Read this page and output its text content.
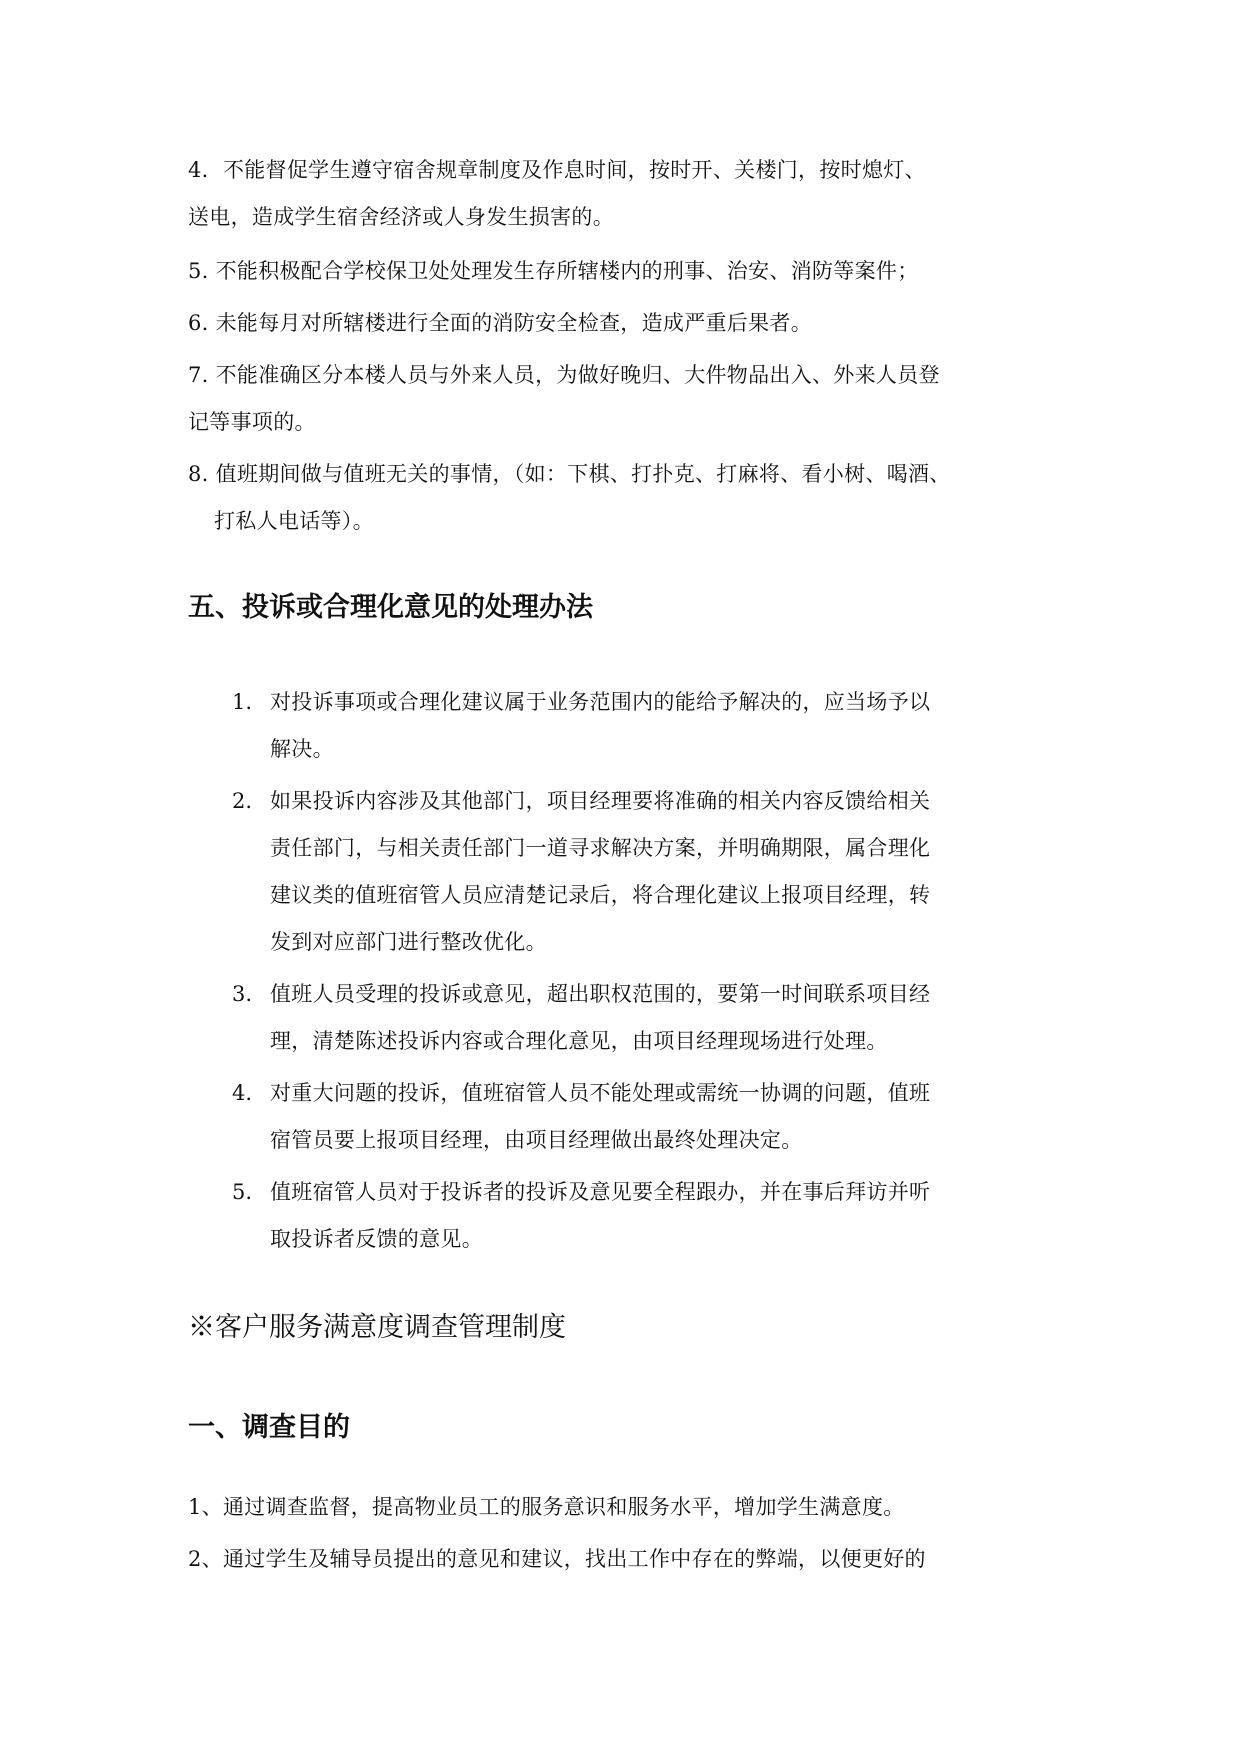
4．不能督促学生遵守宿舍规章制度及作息时间，按时开、关楼门，按时熄灯、
送电，造成学生宿舍经济或人身发生损害的。
5. 不能积极配合学校保卫处处理发生存所辖楼内的刑事、治安、消防等案件；
6. 未能每月对所辖楼进行全面的消防安全检查，造成严重后果者。
7. 不能准确区分本楼人员与外来人员，为做好晚归、大件物品出入、外来人员登
记等事项的。
8. 值班期间做与值班无关的事情，（如：下棋、打扑克、打麻将、看小树、喝酒、
打私人电话等）。
五、投诉或合理化意见的处理办法
1. 对投诉事项或合理化建议属于业务范围内的能给予解决的，应当场予以
解决。
2. 如果投诉内容涉及其他部门，项目经理要将准确的相关内容反馈给相关
责任部门，与相关责任部门一道寻求解决方案，并明确期限，属合理化
建议类的值班宿管人员应清楚记录后，将合理化建议上报项目经理，转
发到对应部门进行整改优化。
3. 值班人员受理的投诉或意见，超出职权范围的，要第一时间联系项目经
理，清楚陈述投诉内容或合理化意见，由项目经理现场进行处理。
4. 对重大问题的投诉，值班宿管人员不能处理或需统一协调的问题，值班
宿管员要上报项目经理，由项目经理做出最终处理决定。
5. 值班宿管人员对于投诉者的投诉及意见要全程跟办，并在事后拜访并听
取投诉者反馈的意见。
※客户服务满意度调查管理制度
一、调查目的
1、通过调查监督，提高物业员工的服务意识和服务水平，增加学生满意度。
2、通过学生及辅导员提出的意见和建议，找出工作中存在的弊端，以便更好的
